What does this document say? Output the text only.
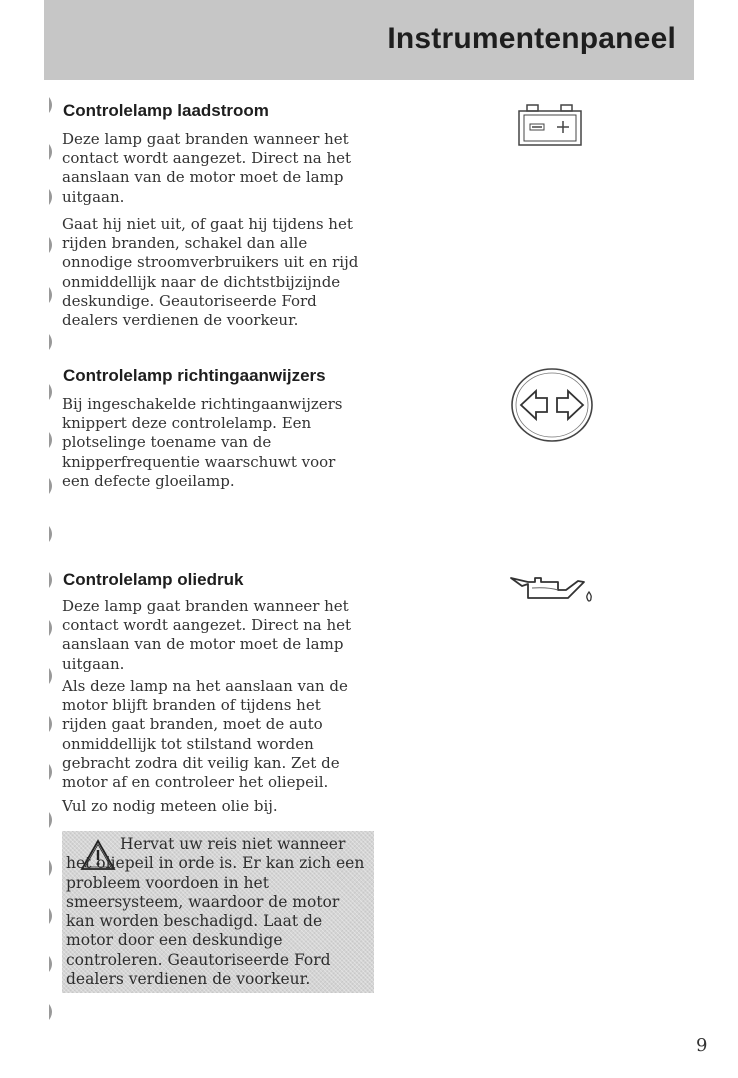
Instrumentenpaneel
Controlelamp laadstroom
Deze lamp gaat branden wanneer het contact wordt aangezet. Direct na het aanslaan van de motor moet de lamp uitgaan.
Gaat hij niet uit, of gaat hij tijdens het rijden branden, schakel dan alle onnodige stroomverbruikers uit en rijd onmiddellijk naar de dichtstbijzijnde deskundige. Geautoriseerde Ford dealers verdienen de voorkeur.
Controlelamp richtingaanwijzers
Bij ingeschakelde richtingaanwijzers knippert deze controlelamp. Een plotselinge toename van de knipperfrequentie waarschuwt voor een defecte gloeilamp.
Controlelamp oliedruk
Deze lamp gaat branden wanneer het contact wordt aangezet. Direct na het aanslaan van de motor moet de lamp uitgaan.
Als deze lamp na het aanslaan van de motor blijft branden of tijdens het rijden gaat branden, moet de auto onmiddellijk tot stilstand worden gebracht zodra dit veilig kan. Zet de motor af en controleer het oliepeil.
Vul zo nodig meteen olie bij.
Hervat uw reis niet wanneer het oliepeil in orde is. Er kan zich een probleem voordoen in het smeersysteem, waardoor de motor kan worden beschadigd. Laat de motor door een deskundige controleren. Geautoriseerde Ford dealers verdienen de voorkeur.
9
